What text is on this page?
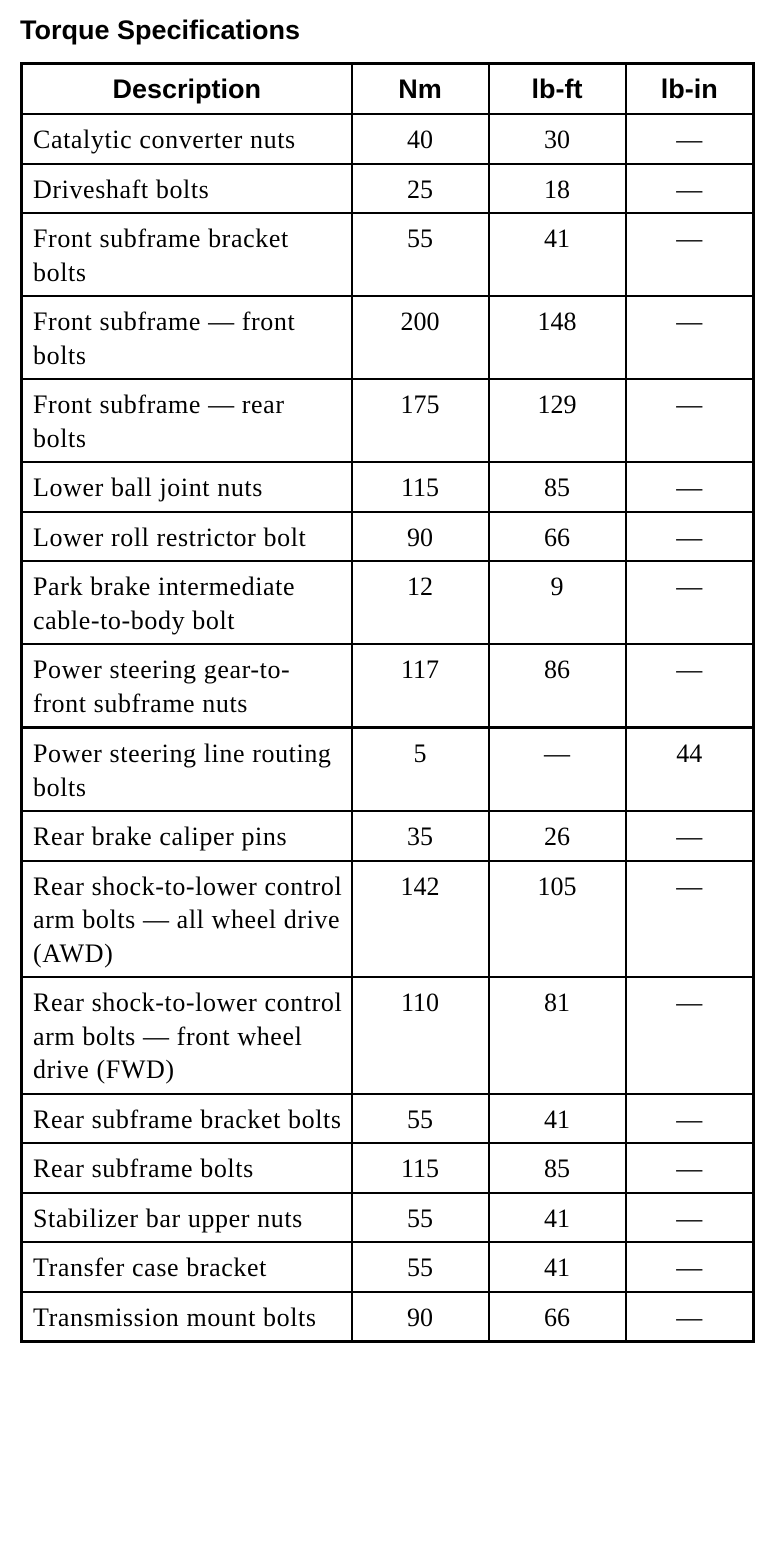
Torque Specifications
Description	Nm	lb-ft	lb-in
Catalytic converter nuts	40	30	—
Driveshaft bolts	25	18	—
Front subframe bracket bolts	55	41	—
Front subframe — front bolts	200	148	—
Front subframe — rear bolts	175	129	—
Lower ball joint nuts	115	85	—
Lower roll restrictor bolt	90	66	—
Park brake intermediate cable-to-body bolt	12	9	—
Power steering gear-to-front subframe nuts	117	86	—
Power steering line routing bolts	5	—	44
Rear brake caliper pins	35	26	—
Rear shock-to-lower control arm bolts — all wheel drive (AWD)	142	105	—
Rear shock-to-lower control arm bolts — front wheel drive (FWD)	110	81	—
Rear subframe bracket bolts	55	41	—
Rear subframe bolts	115	85	—
Stabilizer bar upper nuts	55	41	—
Transfer case bracket	55	41	—
Transmission mount bolts	90	66	—
